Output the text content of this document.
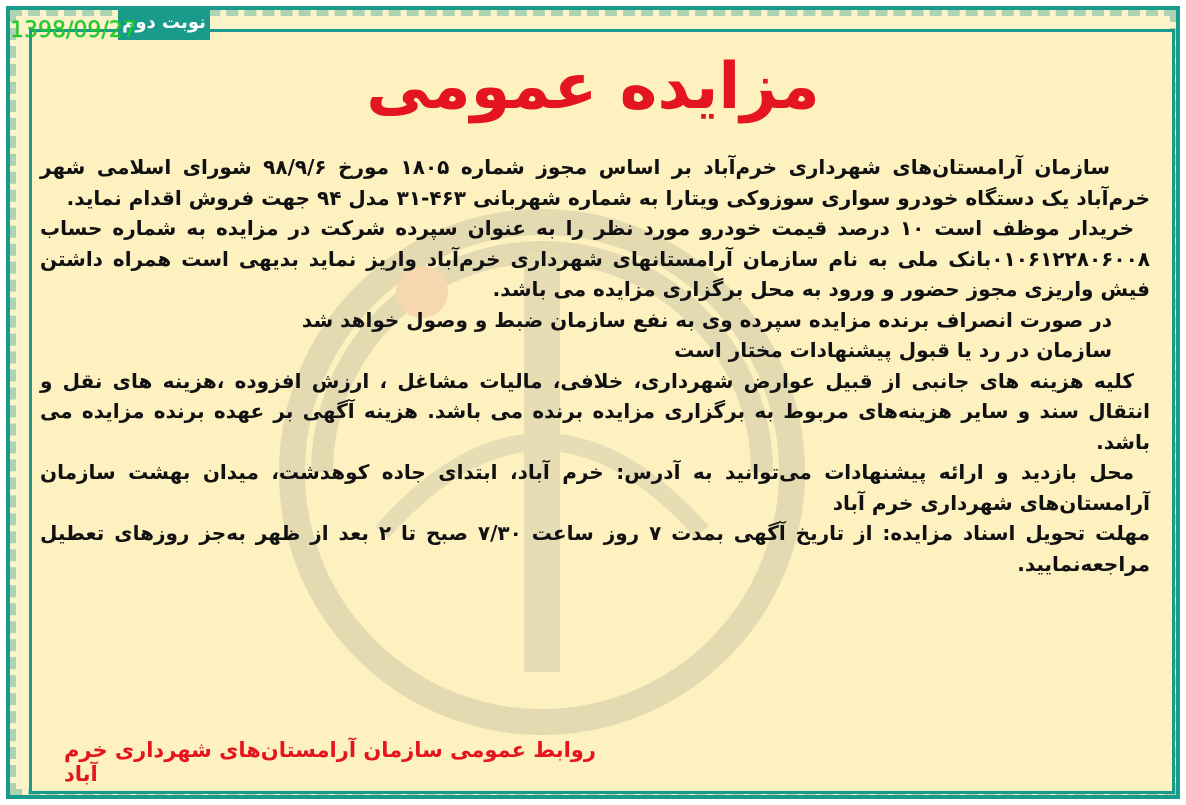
نوبت دوم
1398/09/27
مزایده عمومی

سازمان آرامستان‌های شهرداری خرم‌آباد بر اساس مجوز شماره ۱۸۰۵ مورخ ۹۸/۹/۶ شورای اسلامی شهر خرم‌آباد یک دستگاه خودرو سواری سوزوکی ویتارا به شماره شهربانی ۴۶۳-۳۱ مدل ۹۴ جهت فروش اقدام نماید.

خریدار موظف است ۱۰ درصد قیمت خودرو مورد نظر را به عنوان سپرده شرکت در مزایده به شماره حساب ۰۱۰۶۱۲۲۸۰۶۰۰۸بانک ملی به نام سازمان آرامستانهای شهرداری خرم‌آباد واریز نماید بدیهی است همراه داشتن فیش واریزی مجوز حضور و ورود به محل برگزاری مزایده می باشد.

در صورت انصراف برنده مزایده سپرده وی به نفع سازمان ضبط و وصول خواهد شد

سازمان در رد یا قبول پیشنهادات مختار است

کلیه هزینه های جانبی از قبیل عوارض شهرداری، خلافی، مالیات مشاغل ، ارزش افزوده ،هزینه های نقل و انتقال سند و سایر هزینه‌های مربوط به برگزاری مزایده برنده می باشد. هزینه آگهی بر عهده برنده مزایده می باشد.

محل بازدید و ارائه پیشنهادات می‌توانید به آدرس: خرم آباد، ابتدای جاده کوهدشت، میدان بهشت سازمان آرامستان‌های شهرداری خرم آباد

مهلت تحویل اسناد مزایده: از تاریخ آگهی بمدت ۷ روز ساعت ۷/۳۰ صبح تا ۲ بعد از ظهر به‌جز روزهای تعطیل مراجعه‌نمایید.

روابط عمومی سازمان آرامستان‌های شهرداری خرم آباد
